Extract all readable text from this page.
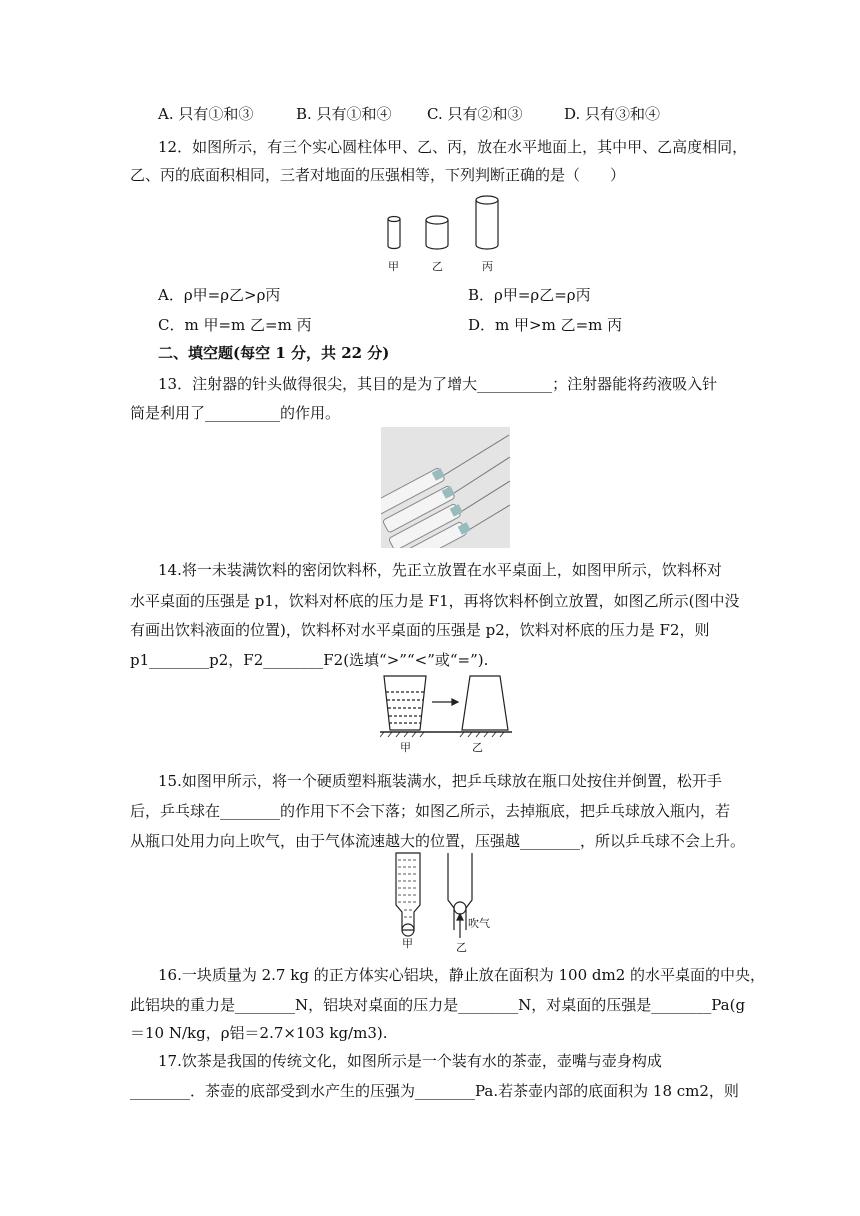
A. 只有①和③	B. 只有①和④ C. 只有②和③	D. 只有③和④
12．如图所示，有三个实心圆柱体甲、乙、丙，放在水平地面上，其中甲、乙高度相同，
乙、丙的底面积相同，三者对地面的压强相等，下列判断正确的是（　　）
甲	乙	丙
A．ρ甲=ρ乙>ρ丙	B．ρ甲=ρ乙=ρ丙
C．m 甲=m 乙=m 丙	D．m 甲>m 乙=m 丙
二、填空题(每空 1 分，共 22 分)
13．注射器的针头做得很尖，其目的是为了增大__________；注射器能将药液吸入针
筒是利用了__________的作用。
14.将一未装满饮料的密闭饮料杯，先正立放置在水平桌面上，如图甲所示，饮料杯对
水平桌面的压强是 p1，饮料对杯底的压力是 F1，再将饮料杯倒立放置，如图乙所示(图中没
有画出饮料液面的位置)，饮料杯对水平桌面的压强是 p2，饮料对杯底的压力是 F2，则
p1________p2，F2________F2(选填“>”“<”或“=”).
甲	乙
15.如图甲所示，将一个硬质塑料瓶装满水，把乒乓球放在瓶口处按住并倒置，松开手
后，乒乓球在________的作用下不会下落；如图乙所示，去掉瓶底，把乒乓球放入瓶内，若
从瓶口处用力向上吹气，由于气体流速越大的位置，压强越________，所以乒乓球不会上升。
吹气
甲	乙
16.一块质量为 2.7 kg 的正方体实心铝块，静止放在面积为 100 dm2 的水平桌面的中央，
此铝块的重力是________N，铝块对桌面的压力是________N，对桌面的压强是________Pa(g
＝10 N/kg，ρ铝＝2.7×103 kg/m3).
17.饮茶是我国的传统文化，如图所示是一个装有水的茶壶，壶嘴与壶身构成
________．茶壶的底部受到水产生的压强为________Pa.若茶壶内部的底面积为 18 cm2，则
